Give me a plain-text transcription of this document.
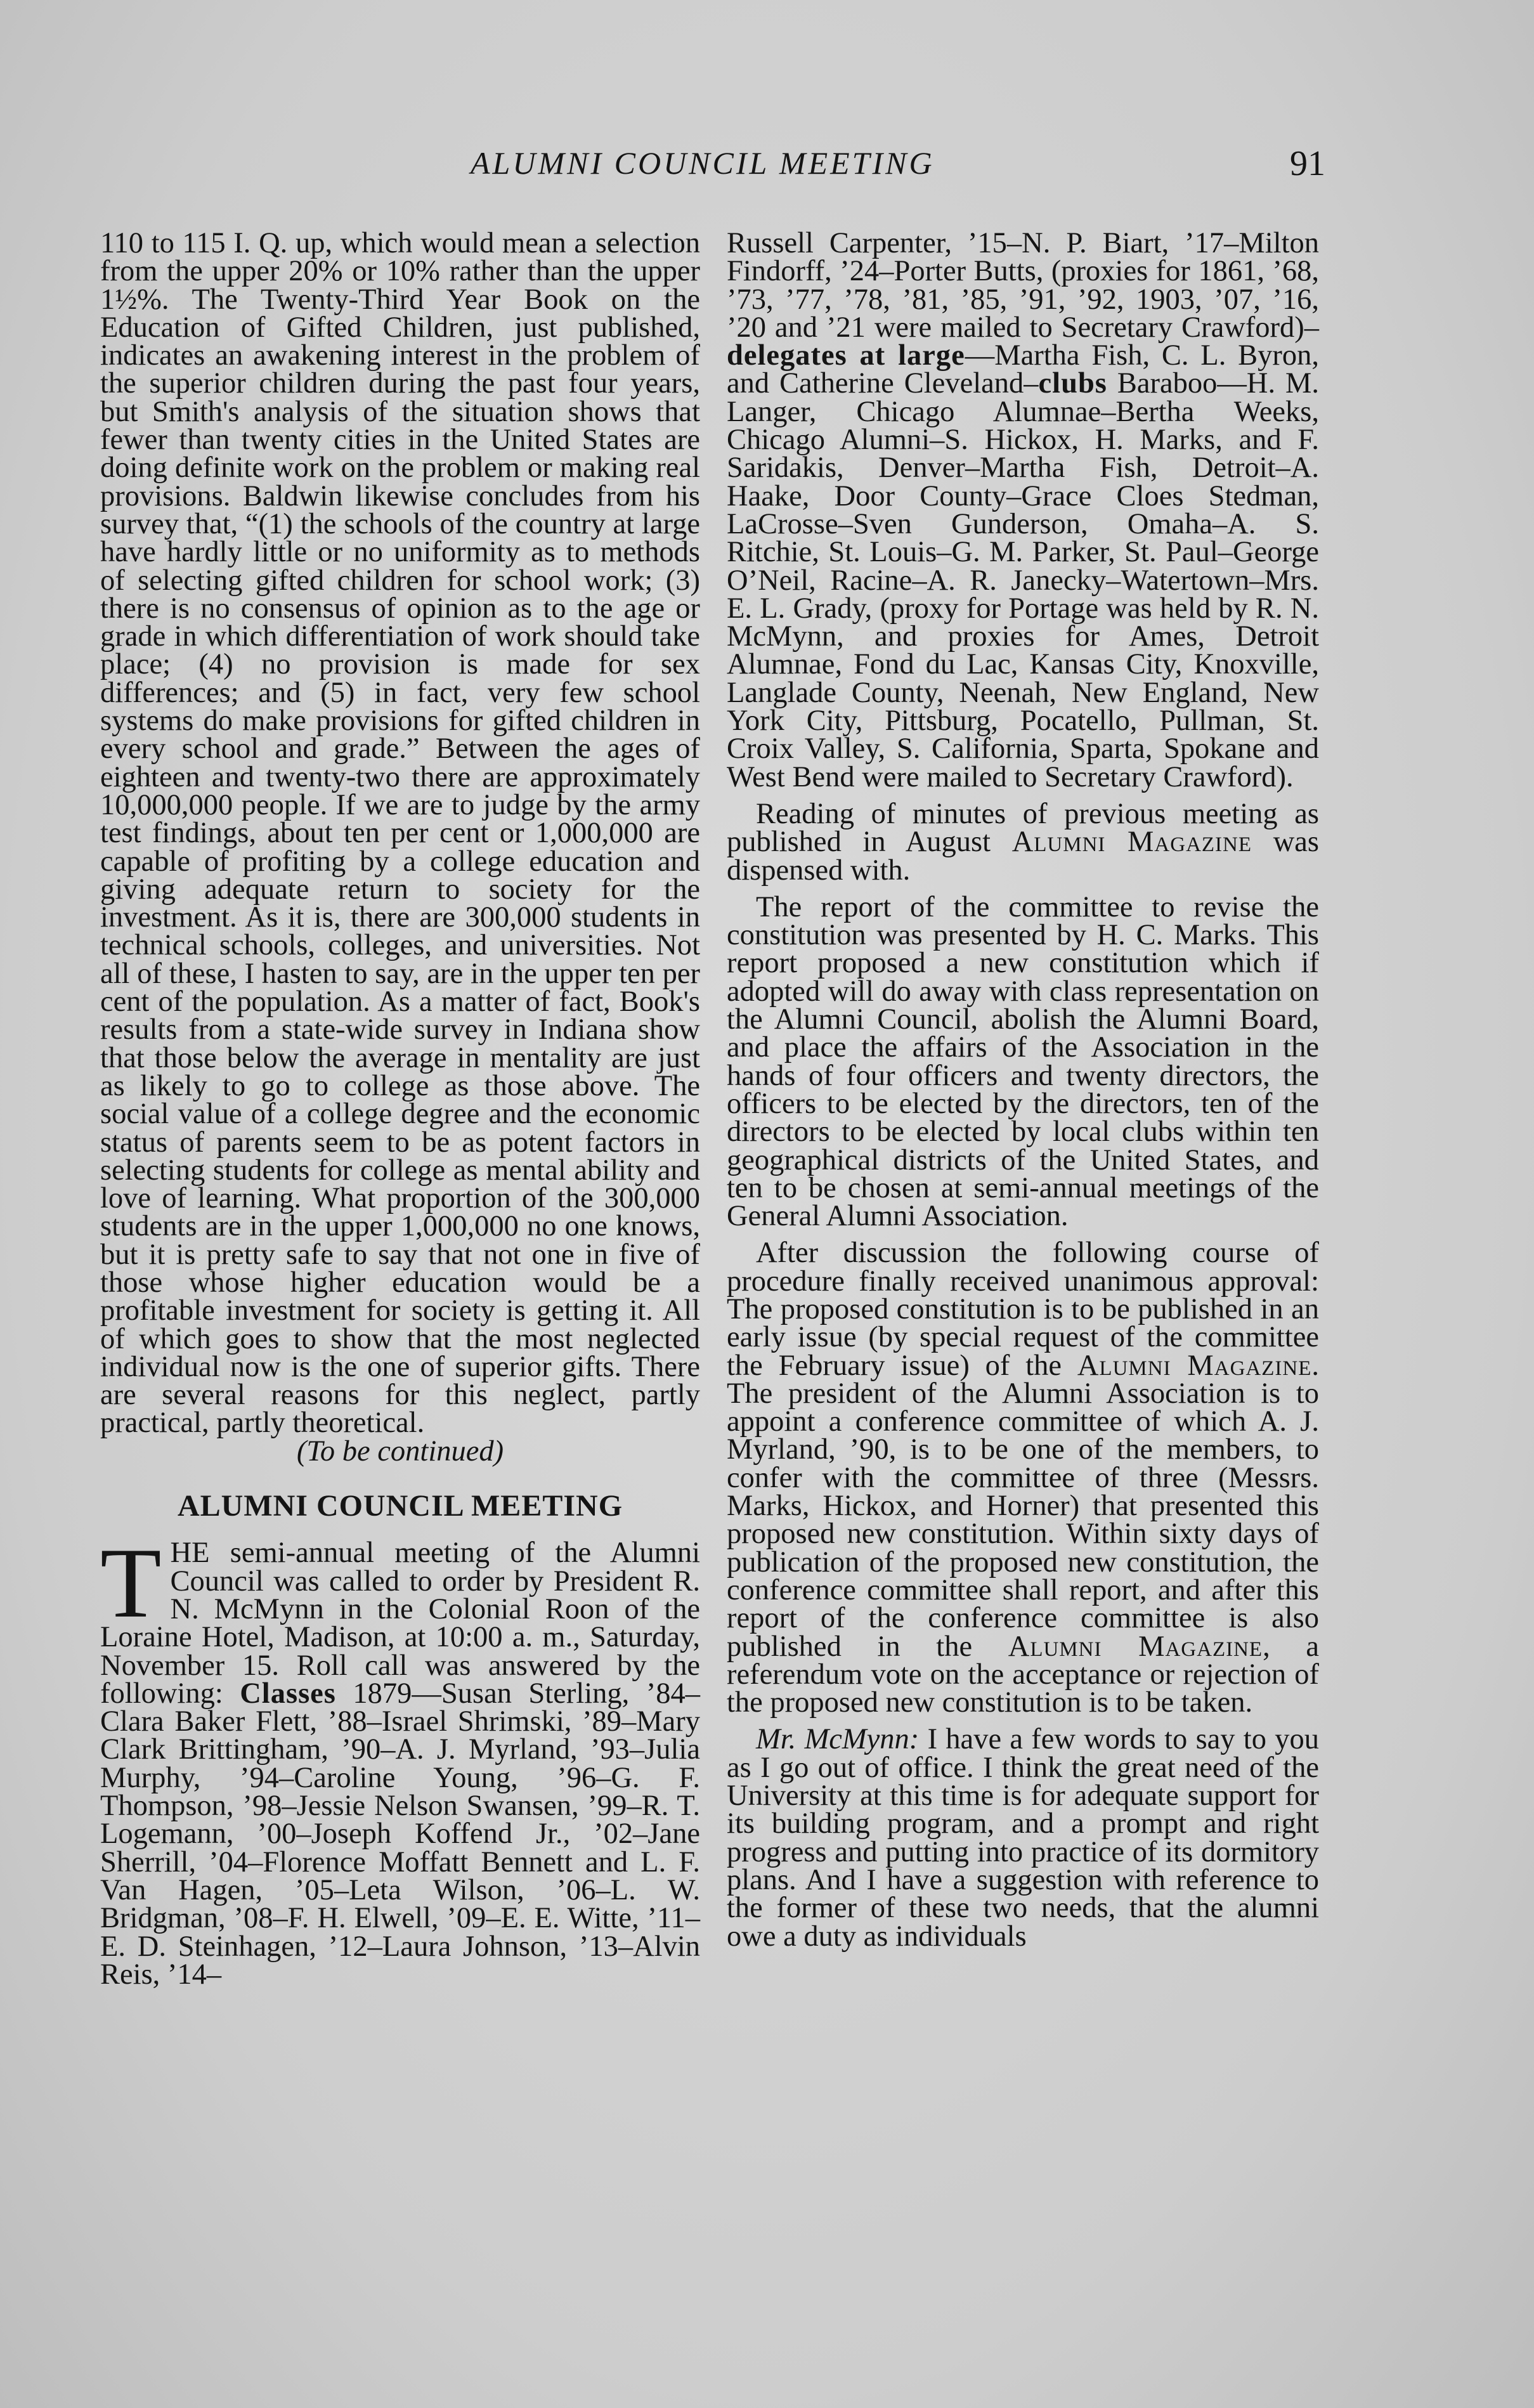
ALUMNI COUNCIL MEETING	91

110 to 115 I. Q. up, which would mean a selection from the upper 20% or 10% rather than the upper 1½%. The Twenty-Third Year Book on the Education of Gifted Children, just published, indicates an awakening interest in the problem of the superior children during the past four years, but Smith's analysis of the situation shows that fewer than twenty cities in the United States are doing definite work on the problem or making real provisions. Baldwin likewise concludes from his survey that, “(1) the schools of the country at large have hardly little or no uniformity as to methods of selecting gifted children for school work; (3) there is no consensus of opinion as to the age or grade in which differentiation of work should take place; (4) no provision is made for sex differences; and (5) in fact, very few school systems do make provisions for gifted children in every school and grade.” Between the ages of eighteen and twenty-two there are approximately 10,000,000 people. If we are to judge by the army test findings, about ten per cent or 1,000,000 are capable of profiting by a college education and giving adequate return to society for the investment. As it is, there are 300,000 students in technical schools, colleges, and universities. Not all of these, I hasten to say, are in the upper ten per cent of the population. As a matter of fact, Book's results from a state-wide survey in Indiana show that those below the average in mentality are just as likely to go to college as those above. The social value of a college degree and the economic status of parents seem to be as potent factors in selecting students for college as mental ability and love of learning. What proportion of the 300,000 students are in the upper 1,000,000 no one knows, but it is pretty safe to say that not one in five of those whose higher education would be a profitable investment for society is getting it. All of which goes to show that the most neglected individual now is the one of superior gifts. There are several reasons for this neglect, partly practical, partly theoretical.

(To be continued)

ALUMNI COUNCIL MEETING

THE semi-annual meeting of the Alumni Council was called to order by President R. N. McMynn in the Colonial Roon of the Loraine Hotel, Madison, at 10:00 a. m., Saturday, November 15. Roll call was answered by the following: Classes 1879—Susan Sterling, ’84–Clara Baker Flett, ’88–Israel Shrimski, ’89–Mary Clark Brittingham, ’90–A. J. Myrland, ’93–Julia Murphy, ’94–Caroline Young, ’96–G. F. Thompson, ’98–Jessie Nelson Swansen, ’99–R. T. Logemann, ’00–Joseph Koffend Jr., ’02–Jane Sherrill, ’04–Florence Moffatt Bennett and L. F. Van Hagen, ’05–Leta Wilson, ’06–L. W. Bridgman, ’08–F. H. Elwell, ’09–E. E. Witte, ’11–E. D. Steinhagen, ’12–Laura Johnson, ’13–Alvin Reis, ’14–

Russell Carpenter, ’15–N. P. Biart, ’17–Milton Findorff, ’24–Porter Butts, (proxies for 1861, ’68, ’73, ’77, ’78, ’81, ’85, ’91, ’92, 1903, ’07, ’16, ’20 and ’21 were mailed to Secretary Crawford)–delegates at large—Martha Fish, C. L. Byron, and Catherine Cleveland–clubs Baraboo—H. M. Langer, Chicago Alumnae–Bertha Weeks, Chicago Alumni–S. Hickox, H. Marks, and F. Saridakis, Denver–Martha Fish, Detroit–A. Haake, Door County–Grace Cloes Stedman, LaCrosse–Sven Gunderson, Omaha–A. S. Ritchie, St. Louis–G. M. Parker, St. Paul–George O’Neil, Racine–A. R. Janecky–Watertown–Mrs. E. L. Grady, (proxy for Portage was held by R. N. McMynn, and proxies for Ames, Detroit Alumnae, Fond du Lac, Kansas City, Knoxville, Langlade County, Neenah, New England, New York City, Pittsburg, Pocatello, Pullman, St. Croix Valley, S. California, Sparta, Spokane and West Bend were mailed to Secretary Crawford).

Reading of minutes of previous meeting as published in August Alumni Magazine was dispensed with.

The report of the committee to revise the constitution was presented by H. C. Marks. This report proposed a new constitution which if adopted will do away with class representation on the Alumni Council, abolish the Alumni Board, and place the affairs of the Association in the hands of four officers and twenty directors, the officers to be elected by the directors, ten of the directors to be elected by local clubs within ten geographical districts of the United States, and ten to be chosen at semi-annual meetings of the General Alumni Association.

After discussion the following course of procedure finally received unanimous approval: The proposed constitution is to be published in an early issue (by special request of the committee the February issue) of the Alumni Magazine. The president of the Alumni Association is to appoint a conference committee of which A. J. Myrland, ’90, is to be one of the members, to confer with the committee of three (Messrs. Marks, Hickox, and Horner) that presented this proposed new constitution. Within sixty days of publication of the proposed new constitution, the conference committee shall report, and after this report of the conference committee is also published in the Alumni Magazine, a referendum vote on the acceptance or rejection of the proposed new constitution is to be taken.

Mr. McMynn: I have a few words to say to you as I go out of office. I think the great need of the University at this time is for adequate support for its building program, and a prompt and right progress and putting into practice of its dormitory plans. And I have a suggestion with reference to the former of these two needs, that the alumni owe a duty as individuals
